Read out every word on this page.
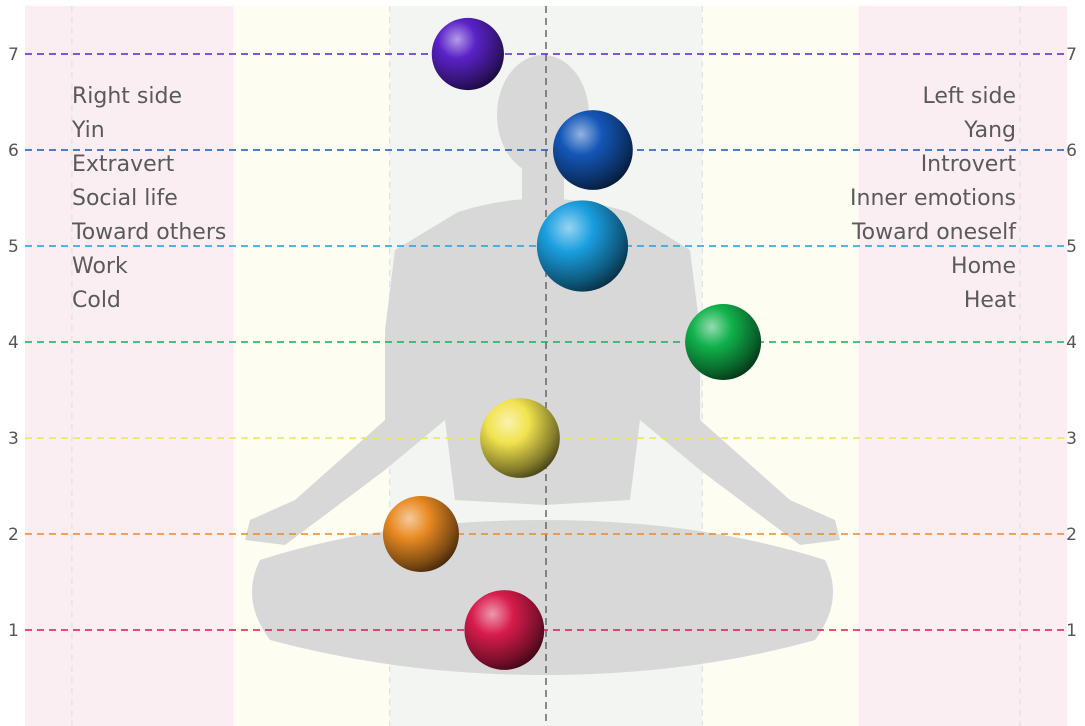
1	1
2	2
3	3
4	4
5	5
6	6
7	7
Right side
Yin
Extravert
Social life
Toward others
Work
Cold
Left side
Yang
Introvert
Inner emotions
Toward oneself
Home
Heat
